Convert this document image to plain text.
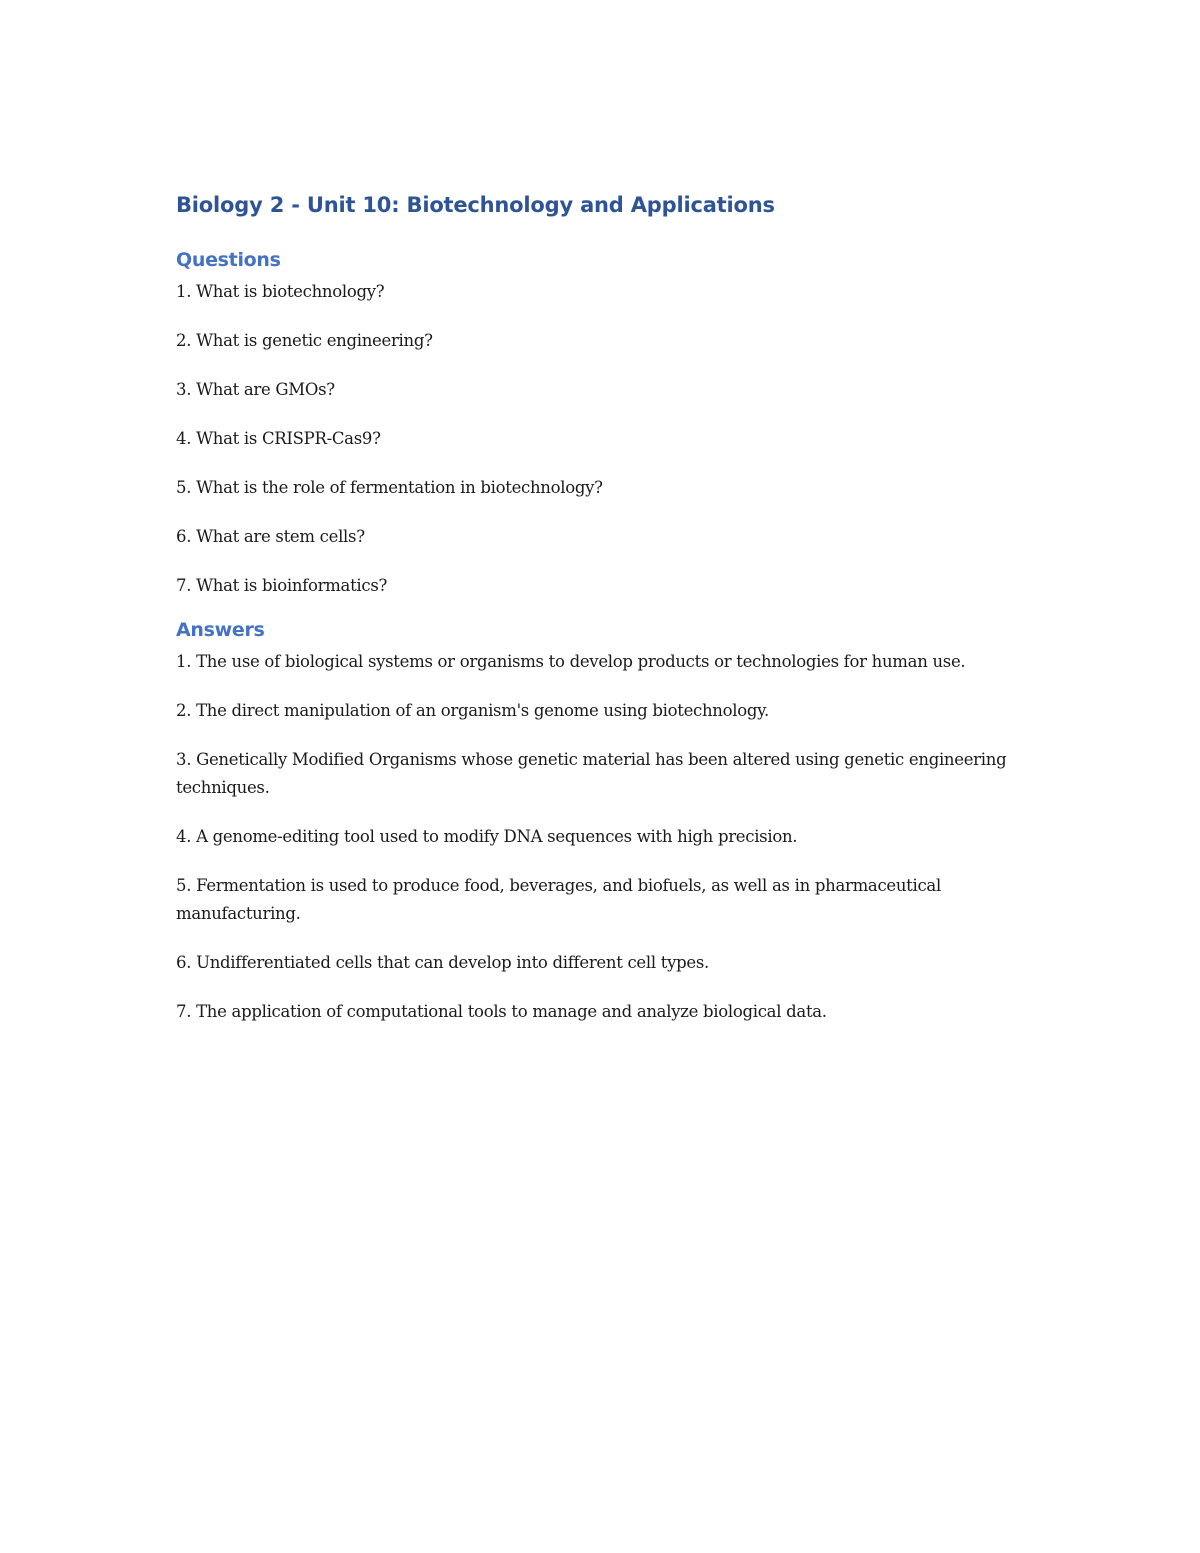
Biology 2 - Unit 10: Biotechnology and Applications
Questions
1. What is biotechnology?
2. What is genetic engineering?
3. What are GMOs?
4. What is CRISPR-Cas9?
5. What is the role of fermentation in biotechnology?
6. What are stem cells?
7. What is bioinformatics?
Answers
1. The use of biological systems or organisms to develop products or technologies for human use.
2. The direct manipulation of an organism's genome using biotechnology.
3. Genetically Modified Organisms whose genetic material has been altered using genetic engineering techniques.
4. A genome-editing tool used to modify DNA sequences with high precision.
5. Fermentation is used to produce food, beverages, and biofuels, as well as in pharmaceutical manufacturing.
6. Undifferentiated cells that can develop into different cell types.
7. The application of computational tools to manage and analyze biological data.
